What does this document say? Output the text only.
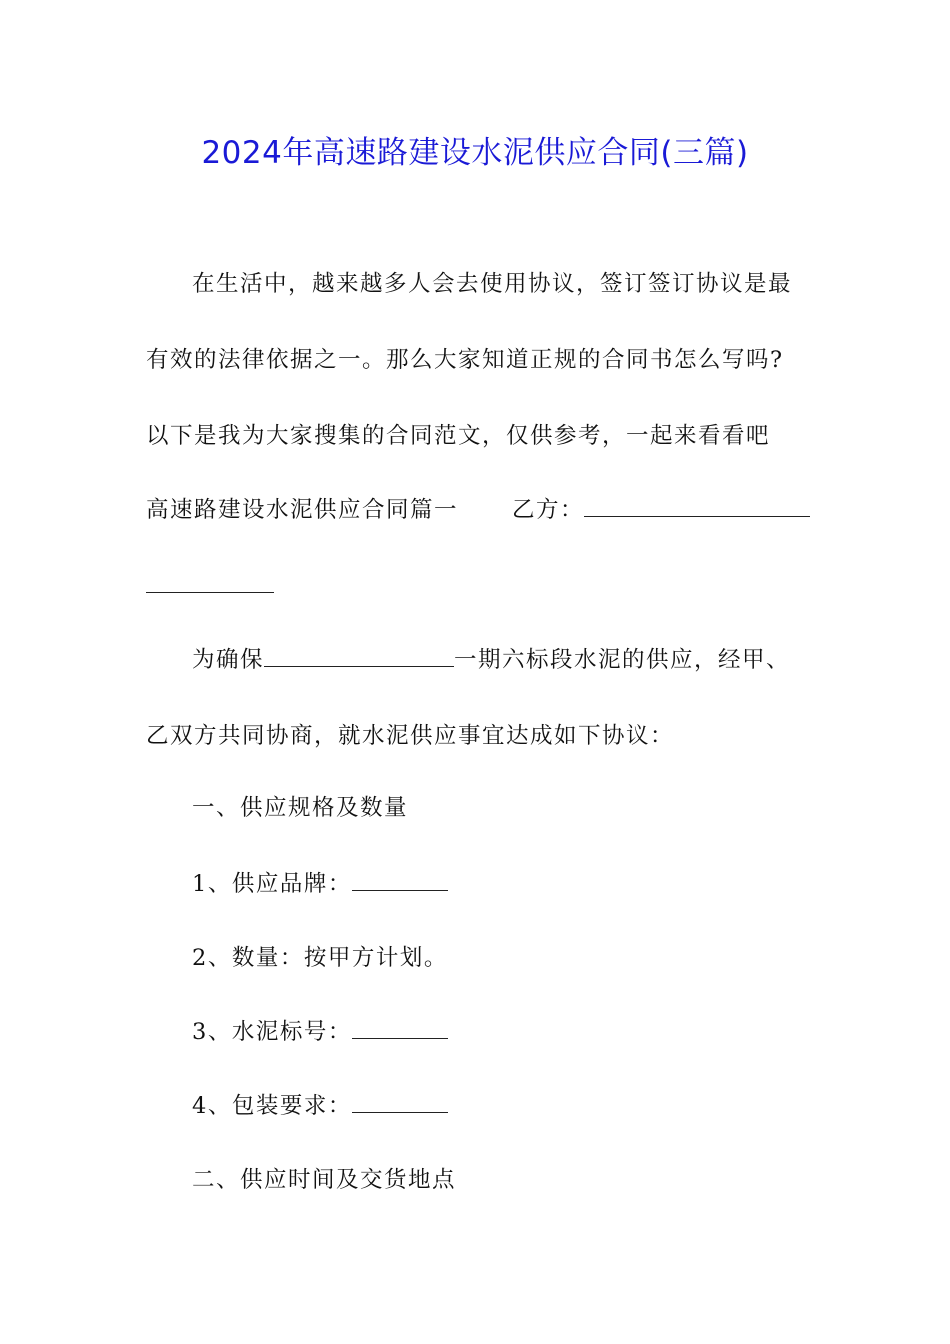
2024年高速路建设水泥供应合同(三篇)
在生活中，越来越多人会去使用协议，签订签订协议是最
有效的法律依据之一。那么大家知道正规的合同书怎么写吗?
以下是我为大家搜集的合同范文，仅供参考，一起来看看吧
高速路建设水泥供应合同篇一 乙方：
为确保	一期六标段水泥的供应，经甲、
乙双方共同协商，就水泥供应事宜达成如下协议：
一、供应规格及数量
1、供应品牌：
2、数量：按甲方计划。
3、水泥标号：
4、包装要求：
二、供应时间及交货地点
